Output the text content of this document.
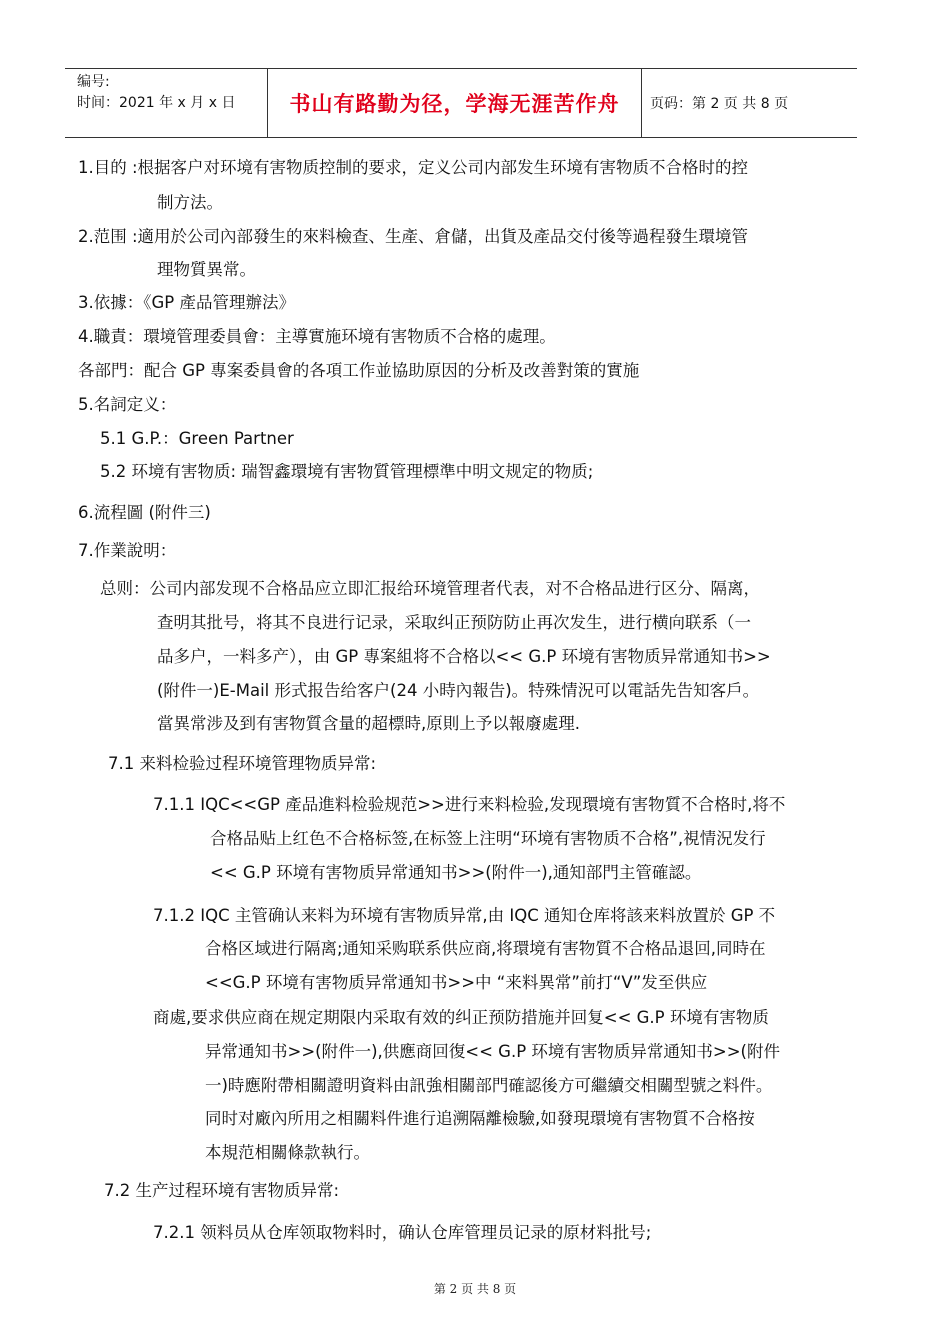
编号:
时间：2021 年 x 月 x 日	书山有路勤为径，学海无涯苦作舟	页码：第 2 页 共 8 页
1.目的 :根据客户对环境有害物质控制的要求，定义公司内部发生环境有害物质不合格时的控
制方法。
2.范围 :適用於公司內部發生的來料檢查、生產、倉儲，出貨及產品交付後等過程發生環境管
理物質異常。
3.依據：《GP 產品管理辦法》
4.職責：環境管理委員會：主導實施环境有害物质不合格的處理。
各部門：配合 GP 專案委員會的各項工作並協助原因的分析及改善對策的實施
5.名詞定义：
5.1 G.P.：Green Partner
5.2 环境有害物质: 瑞智鑫環境有害物質管理標準中明文规定的物质;
6.流程圖 (附件三)
7.作業說明：
总则：公司内部发现不合格品应立即汇报给环境管理者代表，对不合格品进行区分、隔离，
查明其批号，将其不良进行记录，采取纠正预防防止再次发生，进行横向联系（一
品多户，一料多产），由 GP 專案組将不合格以<< G.P 环境有害物质异常通知书>>
(附件一)E-Mail 形式报告给客户(24 小時內報告)。特殊情況可以電話先告知客戶。
當異常涉及到有害物質含量的超標時,原則上予以報廢處理.
7.1 来料检验过程环境管理物质异常:
7.1.1 IQC<<GP 產品進料检验规范>>进行来料检验,发现環境有害物質不合格时,将不
合格品贴上红色不合格标签,在标签上注明“环境有害物质不合格”,視情況发行
<< G.P 环境有害物质异常通知书>>(附件一),通知部門主管確認。
7.1.2 IQC 主管确认来料为环境有害物质异常,由 IQC 通知仓库将該来料放置於 GP 不
合格区域进行隔离;通知采购联系供应商,将環境有害物質不合格品退回,同時在
<<G.P 环境有害物质异常通知书>>中 “来料異常”前打“V”发至供应
商處,要求供应商在规定期限内采取有效的纠正预防措施并回复<< G.P 环境有害物质
异常通知书>>(附件一),供應商回復<< G.P 环境有害物质异常通知书>>(附件
一)時應附帶相關證明資料由訊強相關部門確認後方可繼續交相關型號之料件。
同时对廠內所用之相關料件進行追溯隔離檢驗,如發現環境有害物質不合格按
本規范相關條款執行。
7.2 生产过程环境有害物质异常:
7.2.1 领料员从仓库领取物料时，确认仓库管理员记录的原材料批号;
第 2 页 共 8 页
